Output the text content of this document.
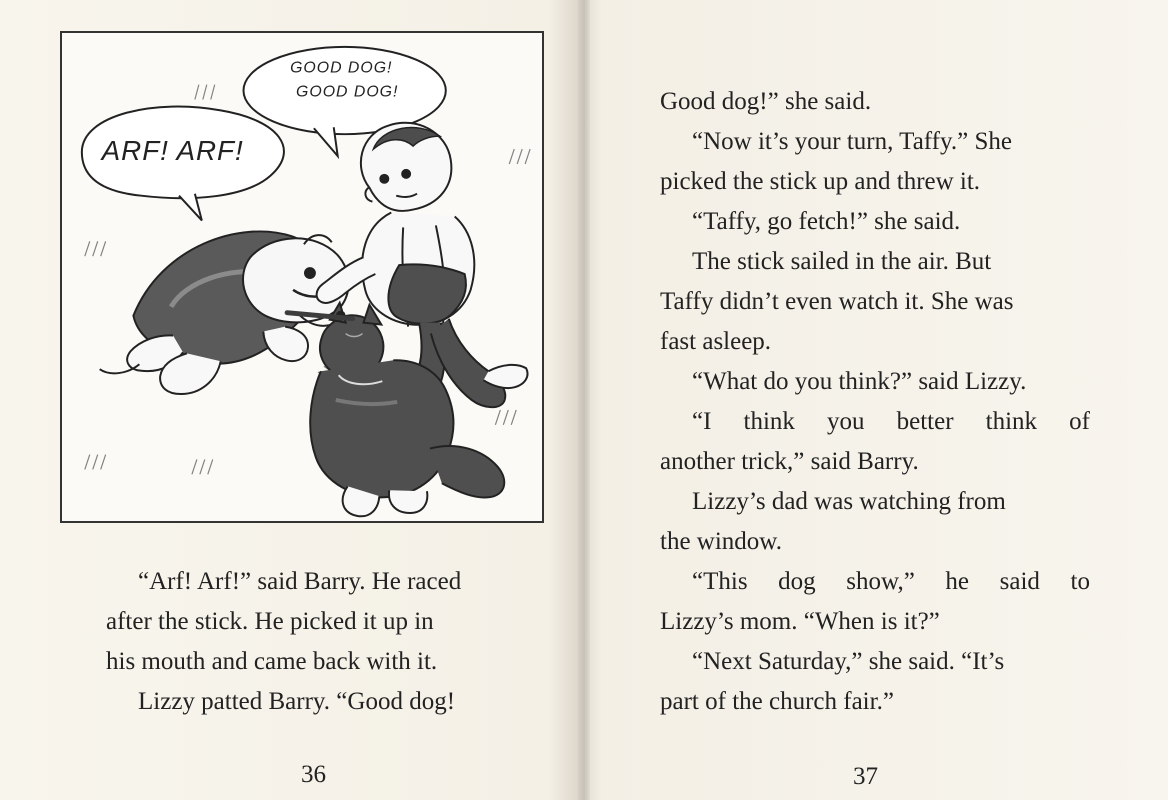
ARF! ARF!
GOOD DOG!
GOOD DOG!
“Arf! Arf!” said Barry. He raced
after the stick. He picked it up in
his mouth and came back with it.
Lizzy patted Barry. “Good dog!
36
Good dog!” she said.
“Now it’s your turn, Taffy.” She
picked the stick up and threw it.
“Taffy, go fetch!” she said.
The stick sailed in the air. But
Taffy didn’t even watch it. She was
fast asleep.
“What do you think?” said Lizzy.
“I think you better think of
another trick,” said Barry.
Lizzy’s dad was watching from
the window.
“This dog show,” he said to
Lizzy’s mom. “When is it?”
“Next Saturday,” she said. “It’s
part of the church fair.”
37
